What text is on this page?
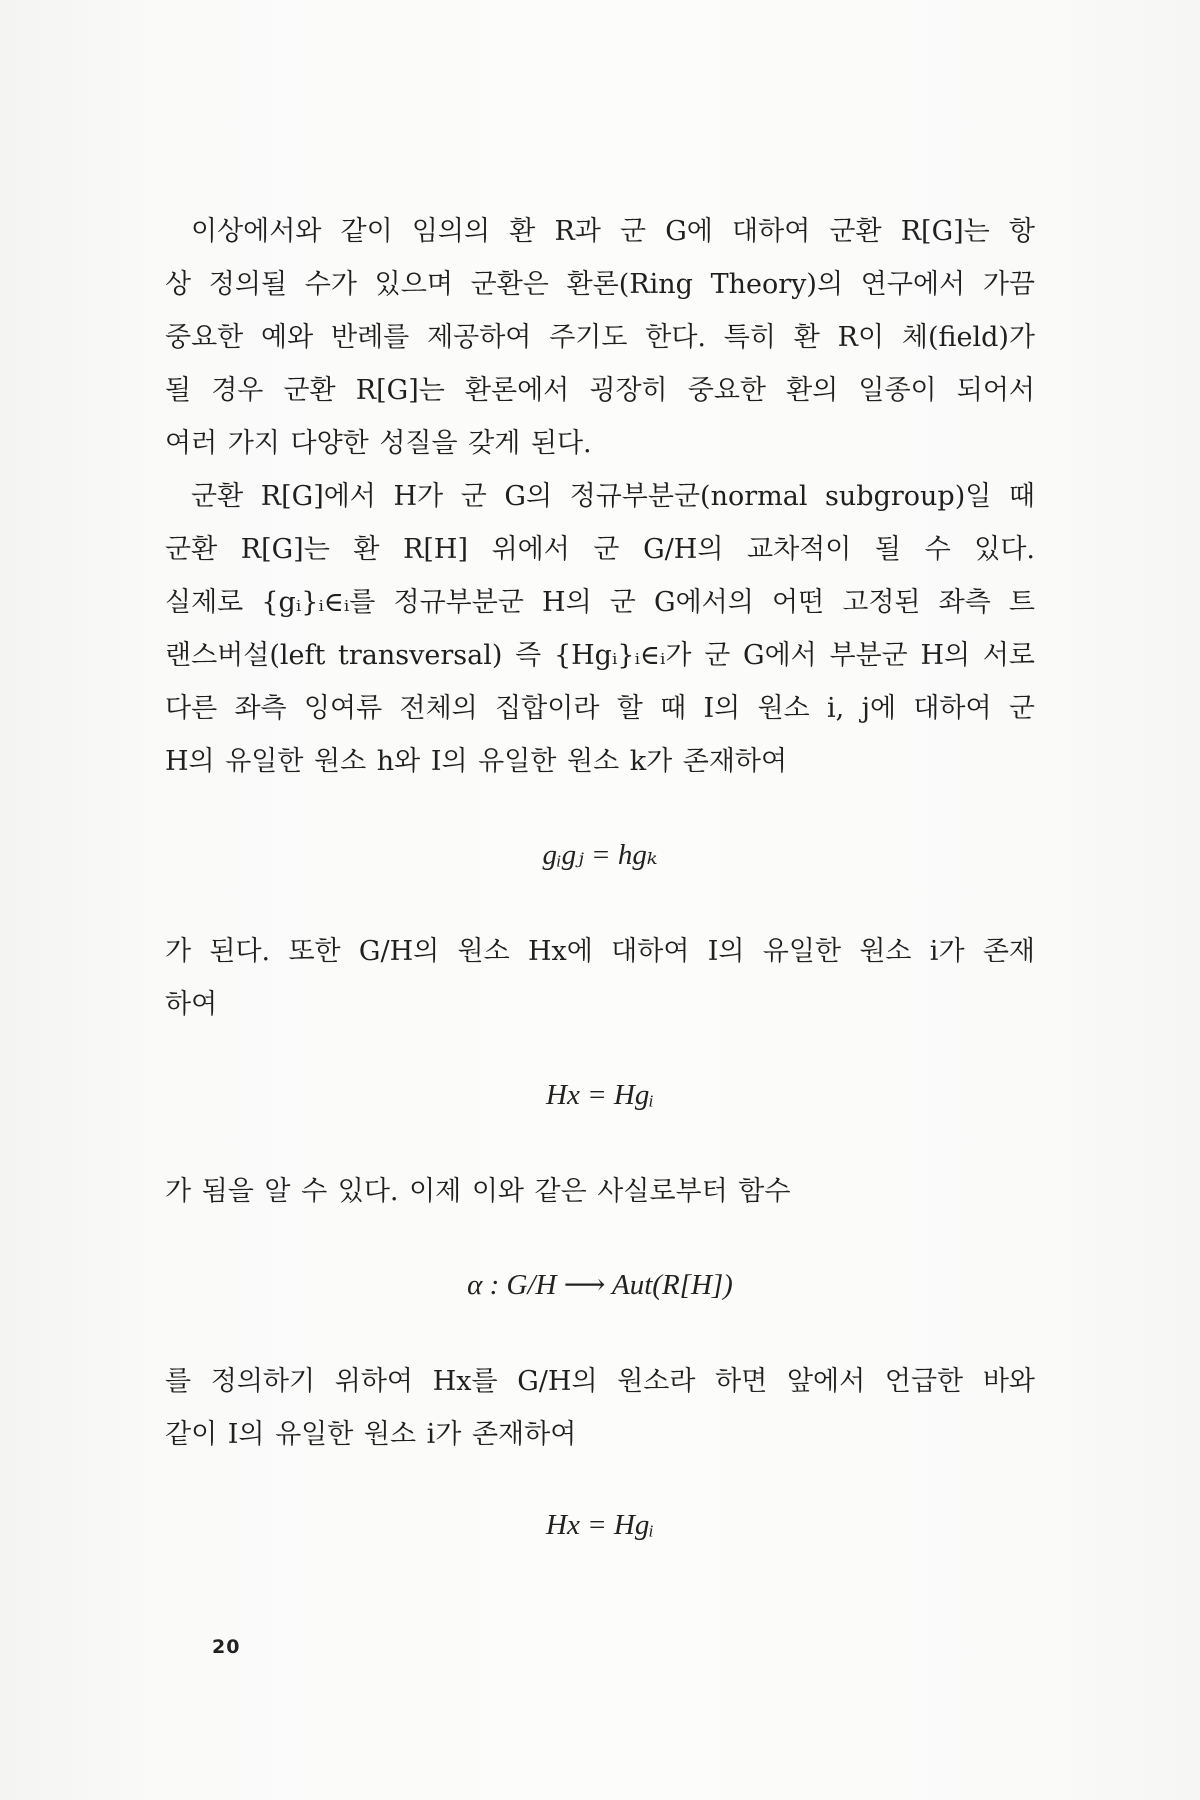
이상에서와 같이 임의의 환 R과 군 G에 대하여 군환 R[G]는 항
상 정의될 수가 있으며 군환은 환론(Ring Theory)의 연구에서 가끔
중요한 예와 반례를 제공하여 주기도 한다. 특히 환 R이 체(field)가
될 경우 군환 R[G]는 환론에서 굉장히 중요한 환의 일종이 되어서
여러 가지 다양한 성질을 갖게 된다.
군환 R[G]에서 H가 군 G의 정규부분군(normal subgroup)일 때
군환 R[G]는 환 R[H] 위에서 군 G/H의 교차적이 될 수 있다.
실제로 {gᵢ}ᵢ∈ᵢ를 정규부분군 H의 군 G에서의 어떤 고정된 좌측 트
랜스버설(left transversal) 즉 {Hgᵢ}ᵢ∈ᵢ가 군 G에서 부분군 H의 서로
다른 좌측 잉여류 전체의 집합이라 할 때 I의 원소 i, j에 대하여 군
H의 유일한 원소 h와 I의 유일한 원소 k가 존재하여
gᵢgⱼ = hgₖ
가 된다. 또한 G/H의 원소 Hx에 대하여 I의 유일한 원소 i가 존재
하여
Hx = Hgᵢ
가 됨을 알 수 있다. 이제 이와 같은 사실로부터 함수
α : G/H ⟶ Aut(R[H])
를 정의하기 위하여 Hx를 G/H의 원소라 하면 앞에서 언급한 바와
같이 I의 유일한 원소 i가 존재하여
Hx = Hgᵢ
20
